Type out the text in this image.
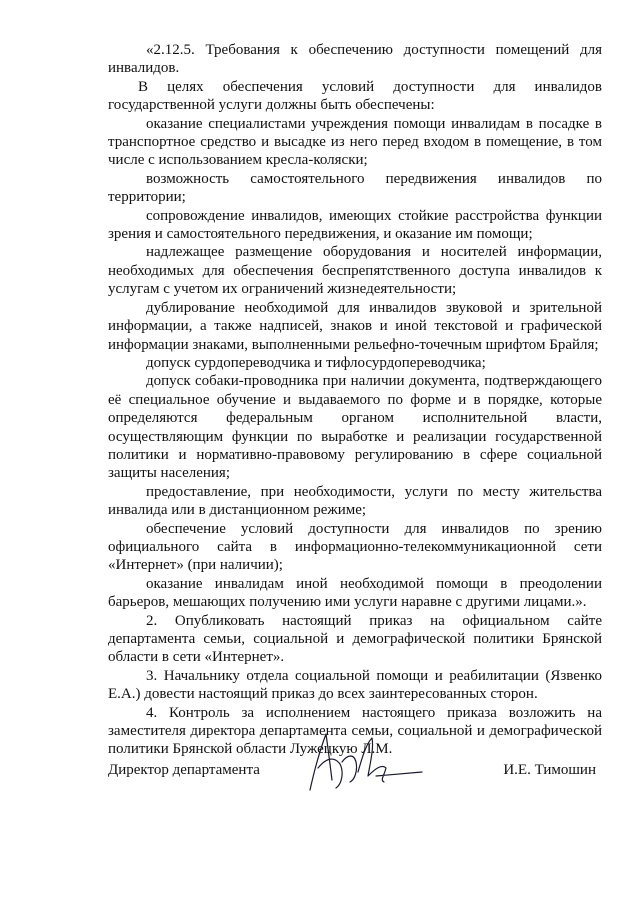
«2.12.5. Требования к обеспечению доступности помещений для инвалидов.

В целях обеспечения условий доступности для инвалидов государственной услуги должны быть обеспечены:

оказание специалистами учреждения помощи инвалидам в посадке в транспортное средство и высадке из него перед входом в помещение, в том числе с использованием кресла-коляски;

возможность самостоятельного передвижения инвалидов по территории;

сопровождение инвалидов, имеющих стойкие расстройства функции зрения и самостоятельного передвижения, и оказание им помощи;

надлежащее размещение оборудования и носителей информации, необходимых для обеспечения беспрепятственного доступа инвалидов к услугам с учетом их ограничений жизнедеятельности;

дублирование необходимой для инвалидов звуковой и зрительной информации, а также надписей, знаков и иной текстовой и графической информации знаками, выполненными рельефно-точечным шрифтом Брайля;

допуск сурдопереводчика и тифлосурдопереводчика;

допуск собаки-проводника при наличии документа, подтверждающего её специальное обучение и выдаваемого по форме и в порядке, которые определяются федеральным органом исполнительной власти, осуществляющим функции по выработке и реализации государственной политики и нормативно-правовому регулированию в сфере социальной защиты населения;

предоставление, при необходимости, услуги по месту жительства инвалида или в дистанционном режиме;

обеспечение условий доступности для инвалидов по зрению официального сайта в информационно-телекоммуникационной сети «Интернет» (при наличии);

оказание инвалидам иной необходимой помощи в преодолении барьеров, мешающих получению ими услуги наравне с другими лицами.».

2. Опубликовать настоящий приказ на официальном сайте департамента семьи, социальной и демографической политики Брянской области в сети «Интернет».

3. Начальнику отдела социальной помощи и реабилитации (Язвенко Е.А.) довести настоящий приказ до всех заинтересованных сторон.

4. Контроль за исполнением настоящего приказа возложить на заместителя директора департамента семьи, социальной и демографической политики Брянской области Лужецкую Л.М.

Директор департамента	И.Е. Тимошин
